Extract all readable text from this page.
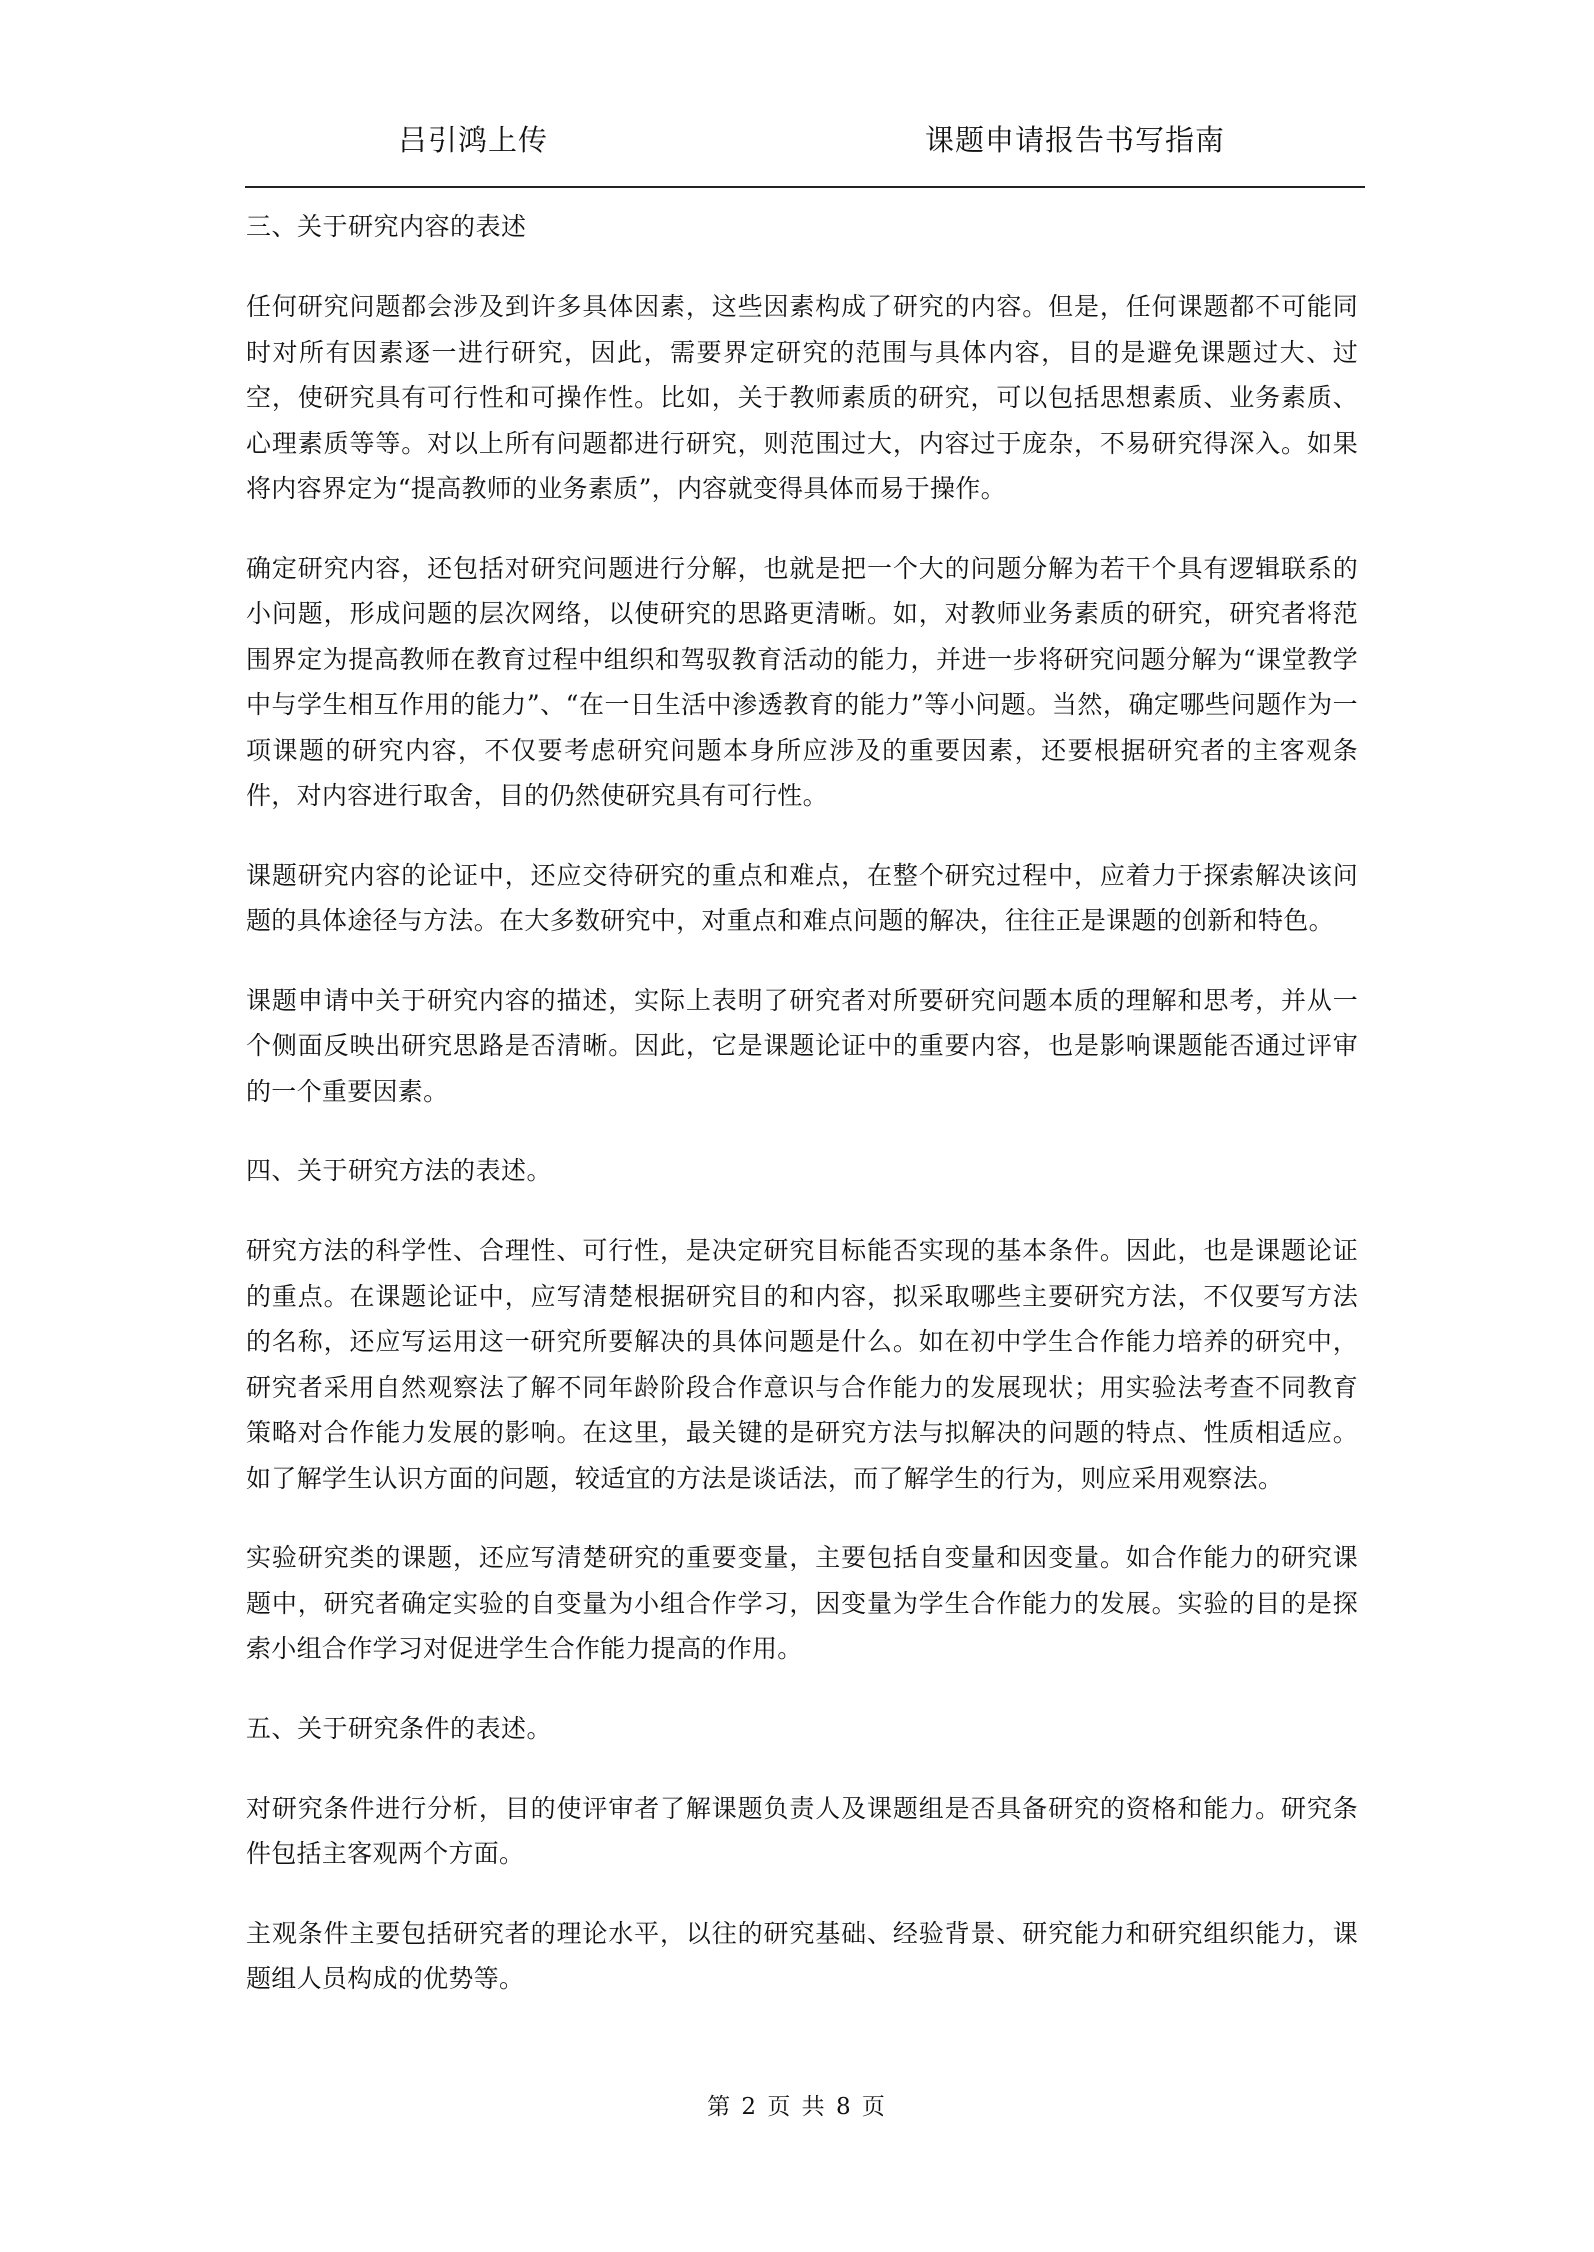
吕引鸿上传	课题申请报告书写指南

三、关于研究内容的表述

任何研究问题都会涉及到许多具体因素，这些因素构成了研究的内容。但是，任何课题都不可能同时对所有因素逐一进行研究，因此，需要界定研究的范围与具体内容，目的是避免课题过大、过空，使研究具有可行性和可操作性。比如，关于教师素质的研究，可以包括思想素质、业务素质、心理素质等等。对以上所有问题都进行研究，则范围过大，内容过于庞杂，不易研究得深入。如果将内容界定为“提高教师的业务素质”，内容就变得具体而易于操作。

确定研究内容，还包括对研究问题进行分解，也就是把一个大的问题分解为若干个具有逻辑联系的小问题，形成问题的层次网络，以使研究的思路更清晰。如，对教师业务素质的研究，研究者将范围界定为提高教师在教育过程中组织和驾驭教育活动的能力，并进一步将研究问题分解为“课堂教学中与学生相互作用的能力”、“在一日生活中渗透教育的能力”等小问题。当然，确定哪些问题作为一项课题的研究内容，不仅要考虑研究问题本身所应涉及的重要因素，还要根据研究者的主客观条件，对内容进行取舍，目的仍然使研究具有可行性。

课题研究内容的论证中，还应交待研究的重点和难点，在整个研究过程中，应着力于探索解决该问题的具体途径与方法。在大多数研究中，对重点和难点问题的解决，往往正是课题的创新和特色。

课题申请中关于研究内容的描述，实际上表明了研究者对所要研究问题本质的理解和思考，并从一个侧面反映出研究思路是否清晰。因此，它是课题论证中的重要内容，也是影响课题能否通过评审的一个重要因素。

四、关于研究方法的表述。

研究方法的科学性、合理性、可行性，是决定研究目标能否实现的基本条件。因此，也是课题论证的重点。在课题论证中，应写清楚根据研究目的和内容，拟采取哪些主要研究方法，不仅要写方法的名称，还应写运用这一研究所要解决的具体问题是什么。如在初中学生合作能力培养的研究中，研究者采用自然观察法了解不同年龄阶段合作意识与合作能力的发展现状；用实验法考查不同教育策略对合作能力发展的影响。在这里，最关键的是研究方法与拟解决的问题的特点、性质相适应。如了解学生认识方面的问题，较适宜的方法是谈话法，而了解学生的行为，则应采用观察法。

实验研究类的课题，还应写清楚研究的重要变量，主要包括自变量和因变量。如合作能力的研究课题中，研究者确定实验的自变量为小组合作学习，因变量为学生合作能力的发展。实验的目的是探索小组合作学习对促进学生合作能力提高的作用。

五、关于研究条件的表述。

对研究条件进行分析，目的使评审者了解课题负责人及课题组是否具备研究的资格和能力。研究条件包括主客观两个方面。

主观条件主要包括研究者的理论水平，以往的研究基础、经验背景、研究能力和研究组织能力，课题组人员构成的优势等。

第 2 页 共 8 页
